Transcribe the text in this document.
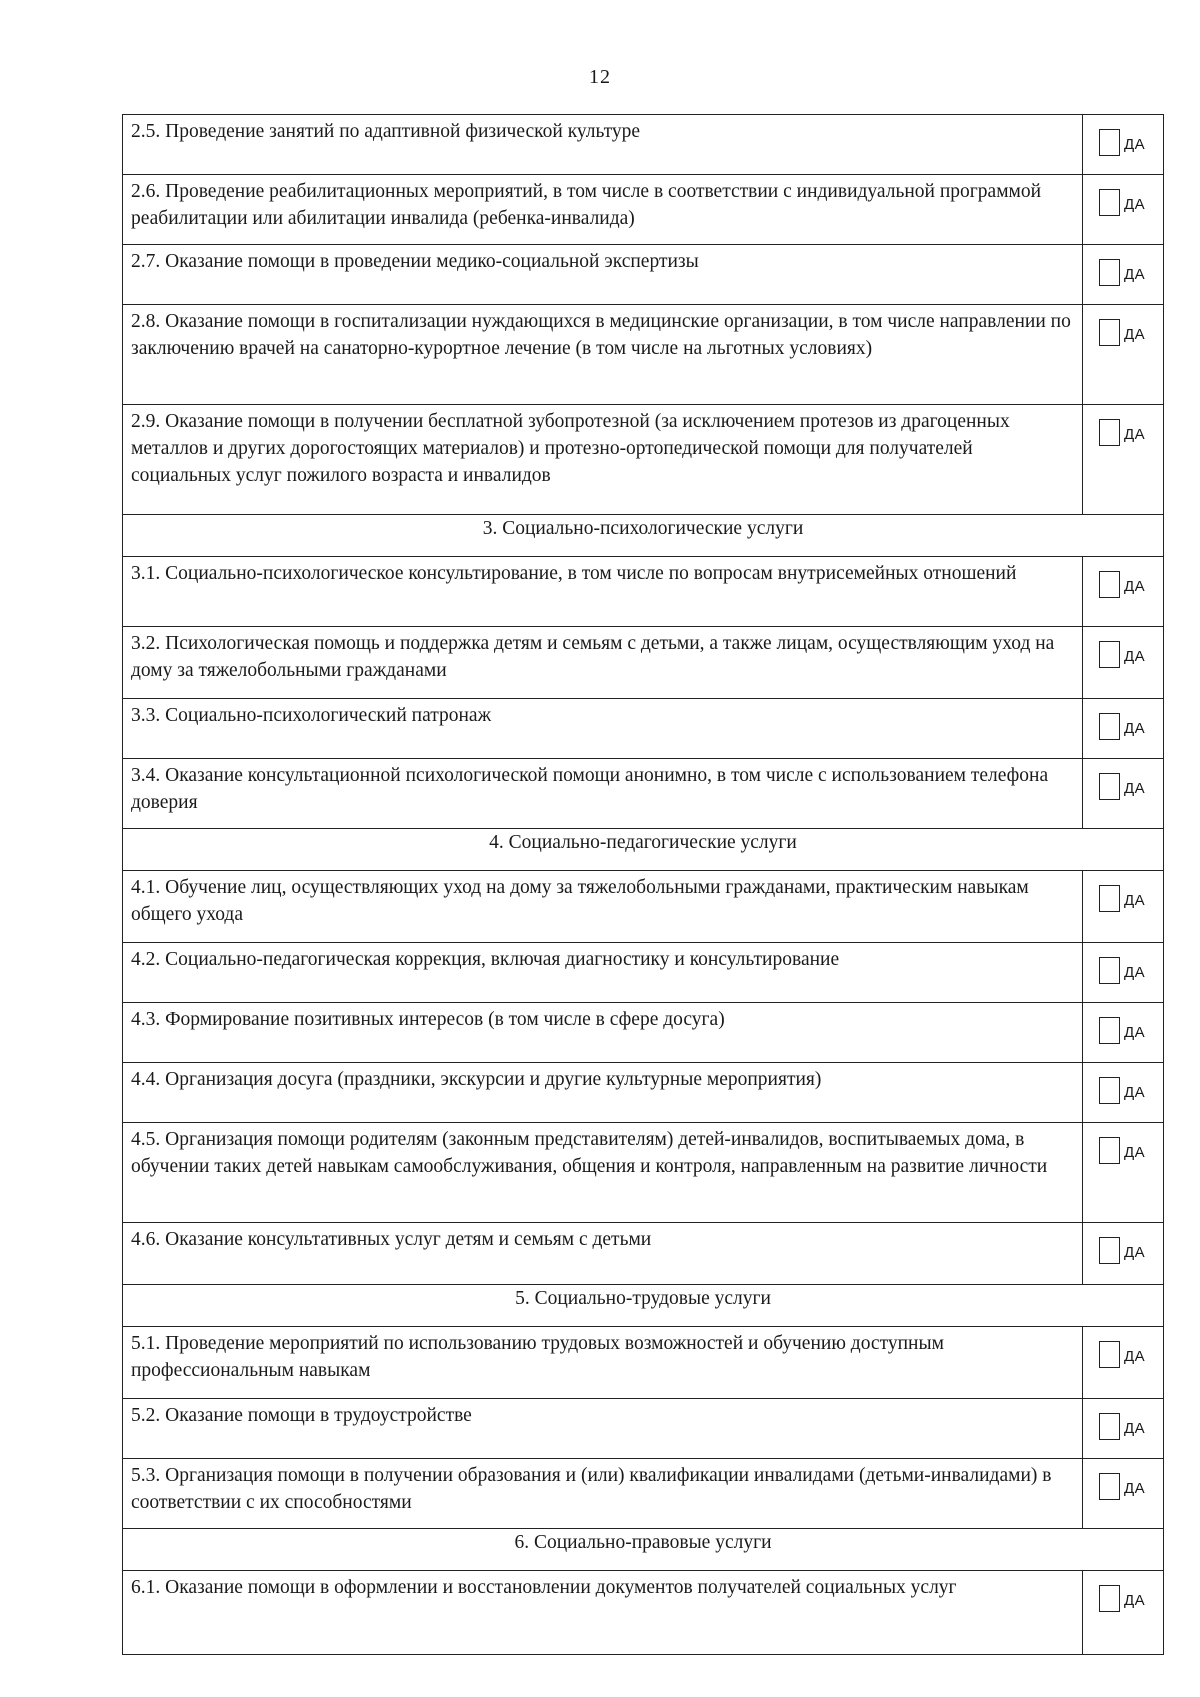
12
2.5. Проведение занятий по адаптивной физической культуре	ДА

2.6. Проведение реабилитационных мероприятий, в том числе в соответствии с индивидуальной программой реабилитации или абилитации инвалида (ребенка-инвалида)	ДА

2.7. Оказание помощи в проведении медико-социальной экспертизы	ДА

2.8. Оказание помощи в госпитализации нуждающихся в медицинские организации, в том числе направлении по заключению врачей на санаторно-курортное лечение (в том числе на льготных условиях)	ДА

2.9. Оказание помощи в получении бесплатной зубопротезной (за исключением протезов из драгоценных металлов и других дорогостоящих материалов) и протезно-ортопедической помощи для получателей социальных услуг пожилого возраста и инвалидов	ДА

3. Социально-психологические услуги	
3.1. Социально-психологическое консультирование, в том числе по вопросам внутрисемейных отношений	ДА

3.2. Психологическая помощь и поддержка детям и семьям с детьми, а также лицам, осуществляющим уход на дому за тяжелобольными гражданами	ДА

3.3. Социально-психологический патронаж	ДА

3.4. Оказание консультационной психологической помощи анонимно, в том числе с использованием телефона доверия	ДА

4. Социально-педагогические услуги	
4.1. Обучение лиц, осуществляющих уход на дому за тяжелобольными гражданами, практическим навыкам общего ухода	ДА

4.2. Социально-педагогическая коррекция, включая диагностику и консультирование	ДА

4.3. Формирование позитивных интересов (в том числе в сфере досуга)	ДА

4.4. Организация досуга (праздники, экскурсии и другие культурные мероприятия)	ДА

4.5. Организация помощи родителям (законным представителям) детей-инвалидов, воспитываемых дома, в обучении таких детей навыкам самообслуживания, общения и контроля, направленным на развитие личности	ДА

4.6. Оказание консультативных услуг детям и семьям с детьми	ДА

5. Социально-трудовые услуги	
5.1. Проведение мероприятий по использованию трудовых возможностей и обучению доступным профессиональным навыкам	ДА

5.2. Оказание помощи в трудоустройстве	ДА

5.3. Организация помощи в получении образования и (или) квалификации инвалидами (детьми-инвалидами) в соответствии с их способностями	ДА

6. Социально-правовые услуги	
6.1. Оказание помощи в оформлении и восстановлении документов получателей социальных услуг	ДА
